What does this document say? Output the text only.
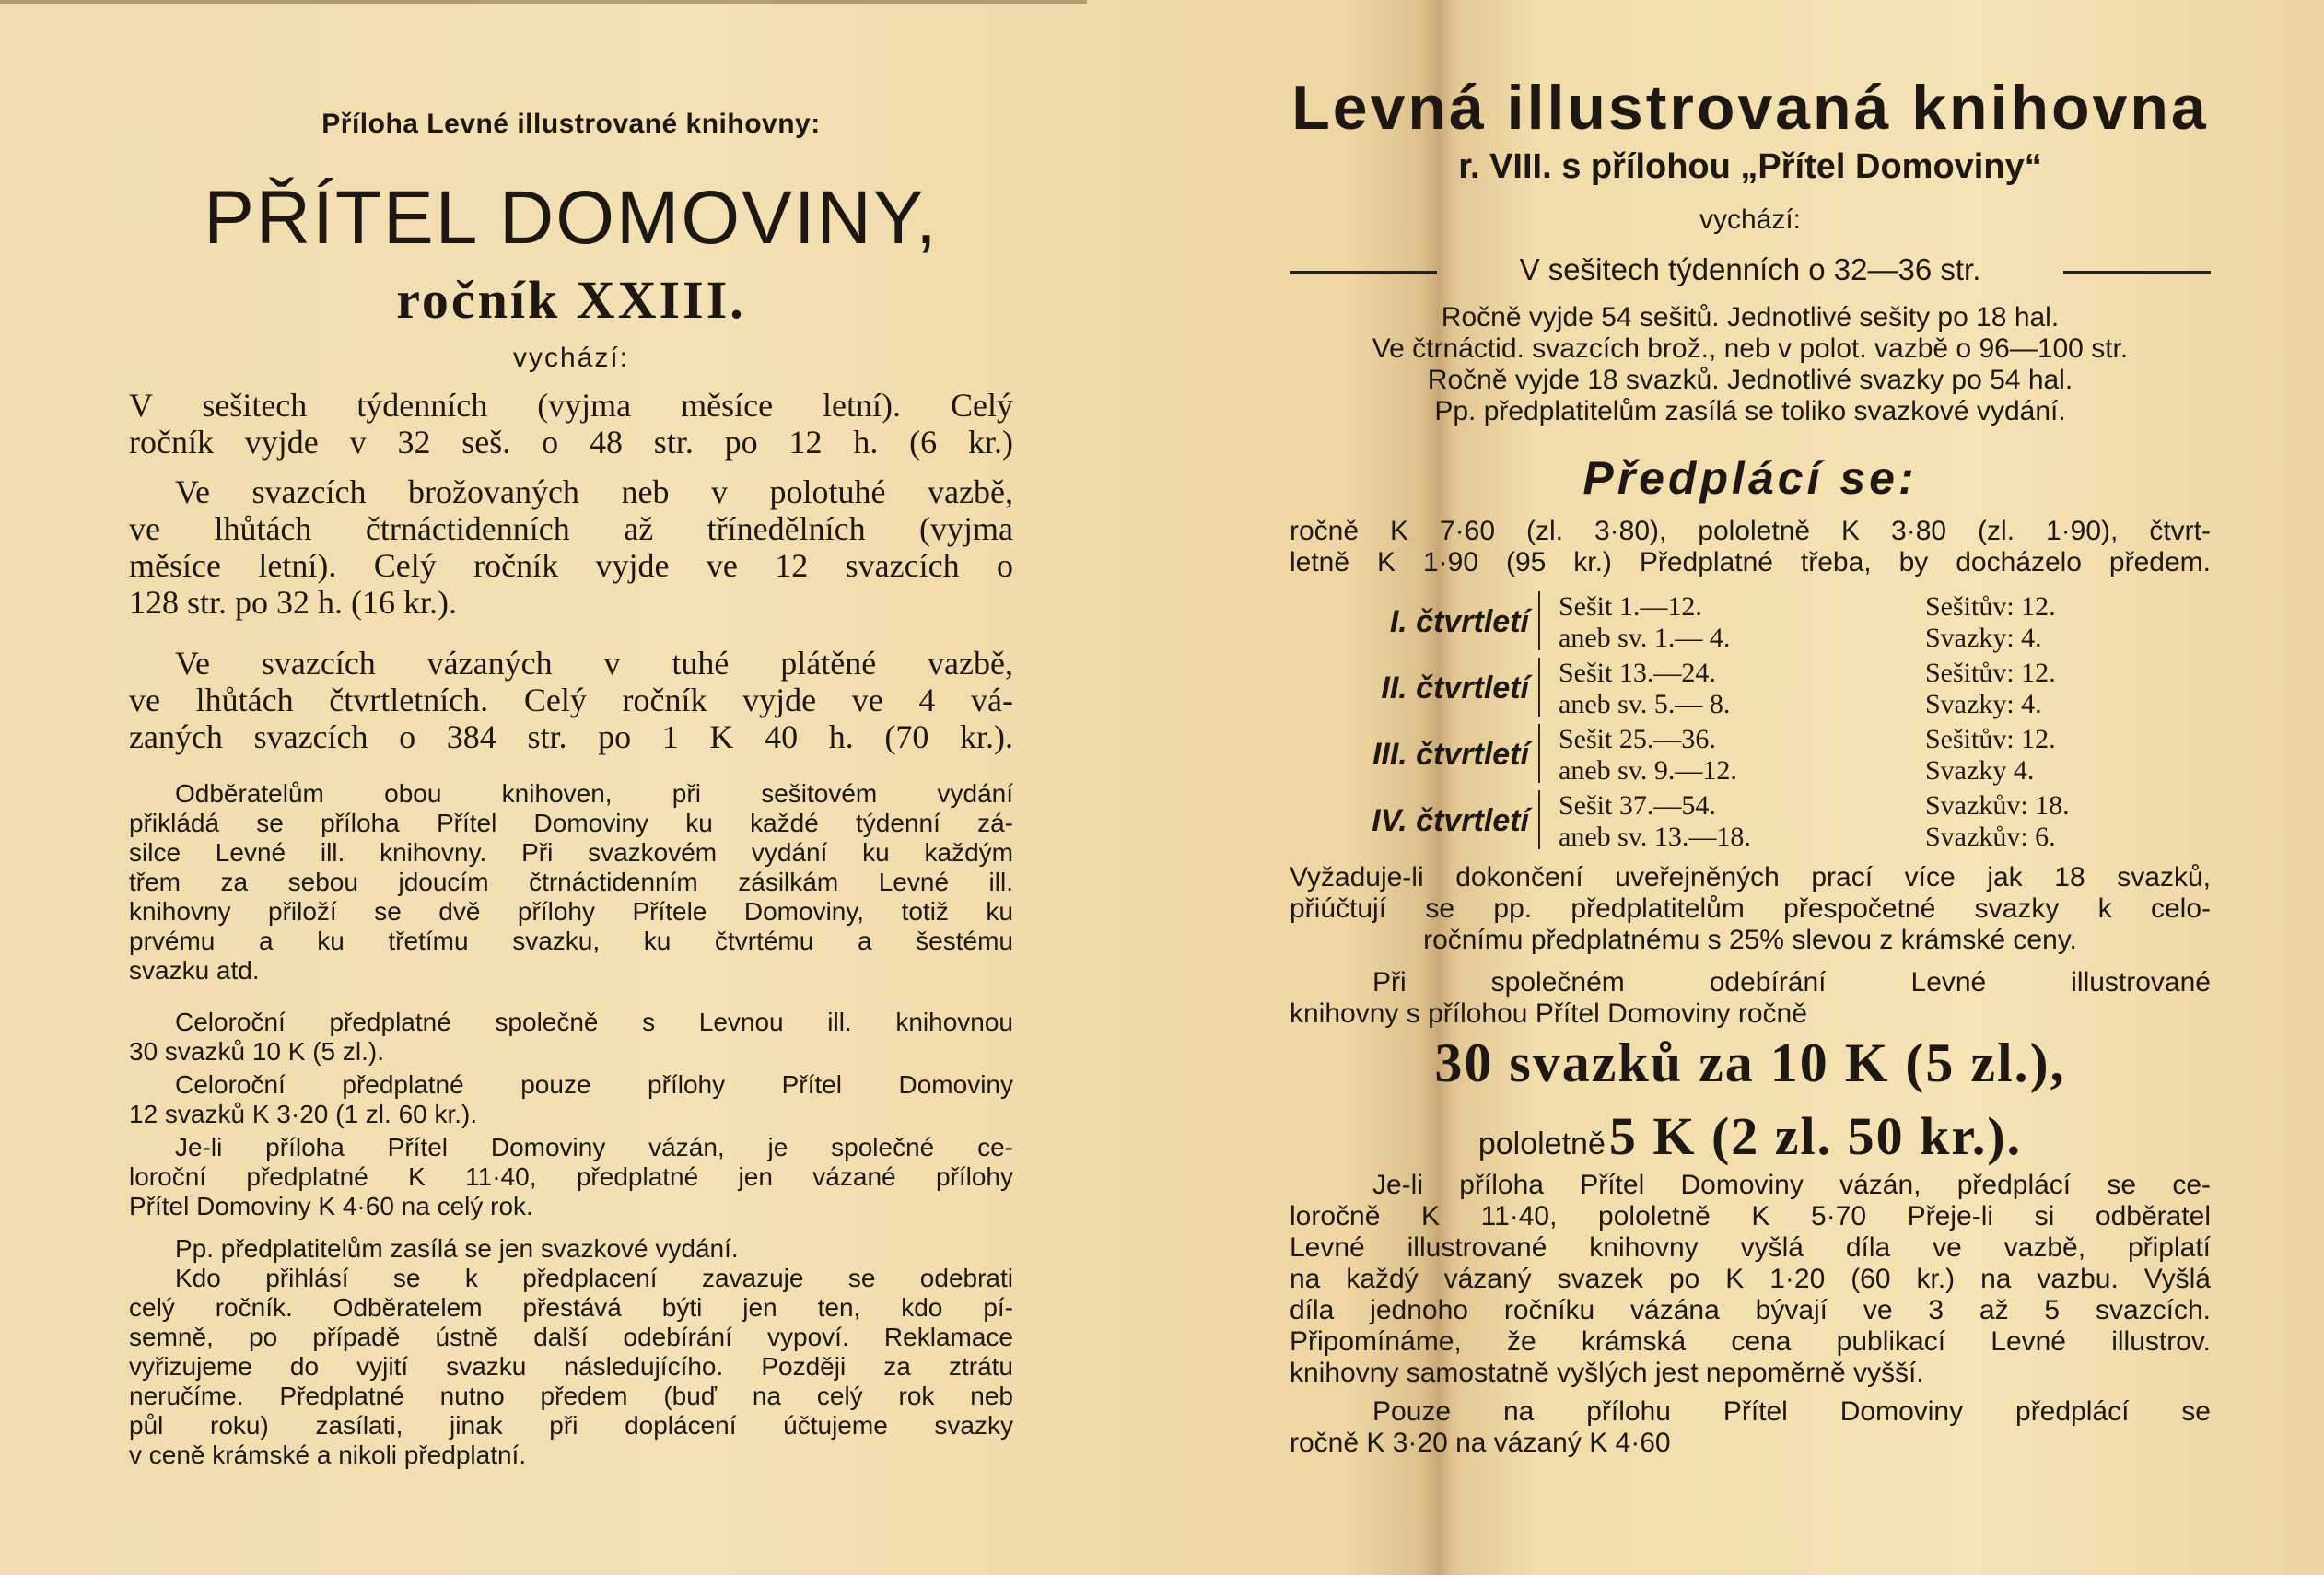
Příloha Levné illustrované knihovny:
PŘÍTEL DOMOVINY,
ročník XXIII.
vychází:
V sešitech týdenních (vyjma měsíce letní). Celý
ročník vyjde v 32 seš. o 48 str. po 12 h. (6 kr.)
Ve svazcích brožovaných neb v polotuhé vazbě,
ve lhůtách čtrnáctidenních až třínedělních (vyjma
měsíce letní). Celý ročník vyjde ve 12 svazcích o
128 str. po 32 h. (16 kr.).
Ve svazcích vázaných v tuhé plátěné vazbě,
ve lhůtách čtvrtletních. Celý ročník vyjde ve 4 vá-
zaných svazcích o 384 str. po 1 K 40 h. (70 kr.).
Odběratelům obou knihoven, při sešitovém vydání
přikládá se příloha Přítel Domoviny ku každé týdenní zá-
silce Levné ill. knihovny. Při svazkovém vydání ku každým
třem za sebou jdoucím čtrnáctidenním zásilkám Levné ill.
knihovny přiloží se dvě přílohy Přítele Domoviny, totiž ku
prvému a ku třetímu svazku, ku čtvrtému a šestému
svazku atd.
Celoroční předplatné společně s Levnou ill. knihovnou
30 svazků 10 K (5 zl.).
Celoroční předplatné pouze přílohy Přítel Domoviny
12 svazků K 3·20 (1 zl. 60 kr.).
Je-li příloha Přítel Domoviny vázán, je společné ce-
loroční předplatné K 11·40, předplatné jen vázané přílohy
Přítel Domoviny K 4·60 na celý rok.
Pp. předplatitelům zasílá se jen svazkové vydání.
Kdo přihlásí se k předplacení zavazuje se odebrati
celý ročník. Odběratelem přestává býti jen ten, kdo pí-
semně, po případě ústně další odebírání vypoví. Reklamace
vyřizujeme do vyjití svazku následujícího. Později za ztrátu
neručíme. Předplatné nutno předem (buď na celý rok neb
půl roku) zasílati, jinak při doplácení účtujeme svazky
v ceně krámské a nikoli předplatní.
Levná illustrovaná knihovna
r. VIII. s přílohou „Přítel Domoviny“
vychází:
V sešitech týdenních o 32—36 str.
Ročně vyjde 54 sešitů. Jednotlivé sešity po 18 hal.
Ve čtrnáctid. svazcích brož., neb v polot. vazbě o 96—100 str.
Ročně vyjde 18 svazků. Jednotlivé svazky po 54 hal.
Pp. předplatitelům zasílá se toliko svazkové vydání.
Předplácí se:
ročně K 7·60 (zl. 3·80), pololetně K 3·80 (zl. 1·90), čtvrt-
letně K 1·90 (95 kr.) Předplatné třeba, by docházelo předem.
I. čtvrtletí Sešit 1.—12.
aneb sv. 1.— 4.
Sešitův: 12.
Svazky: 4.
II. čtvrtletí Sešit 13.—24.
aneb sv. 5.— 8.
Sešitův: 12.
Svazky: 4.
III. čtvrtletí Sešit 25.—36.
aneb sv. 9.—12.
Sešitův: 12.
Svazky 4.
IV. čtvrtletí Sešit 37.—54.
aneb sv. 13.—18.
Svazkův: 18.
Svazkův: 6.
Vyžaduje-li dokončení uveřejněných prací více jak 18 svazků,
přiúčtují se pp. předplatitelům přespočetné svazky k celo-
ročnímu předplatnému s 25% slevou z krámské ceny.
Při společném odebírání Levné illustrované
knihovny s přílohou Přítel Domoviny ročně
30 svazků za 10 K (5 zl.),
pololetně 5 K (2 zl. 50 kr.).
Je-li příloha Přítel Domoviny vázán, předplácí se ce-
loročně K 11·40, pololetně K 5·70 Přeje-li si odběratel
Levné illustrované knihovny vyšlá díla ve vazbě, připlatí
na každý vázaný svazek po K 1·20 (60 kr.) na vazbu. Vyšlá
díla jednoho ročníku vázána bývají ve 3 až 5 svazcích.
Připomínáme, že krámská cena publikací Levné illustrov.
knihovny samostatně vyšlých jest nepoměrně vyšší.
Pouze na přílohu Přítel Domoviny předplácí se
ročně K 3·20 na vázaný K 4·60
